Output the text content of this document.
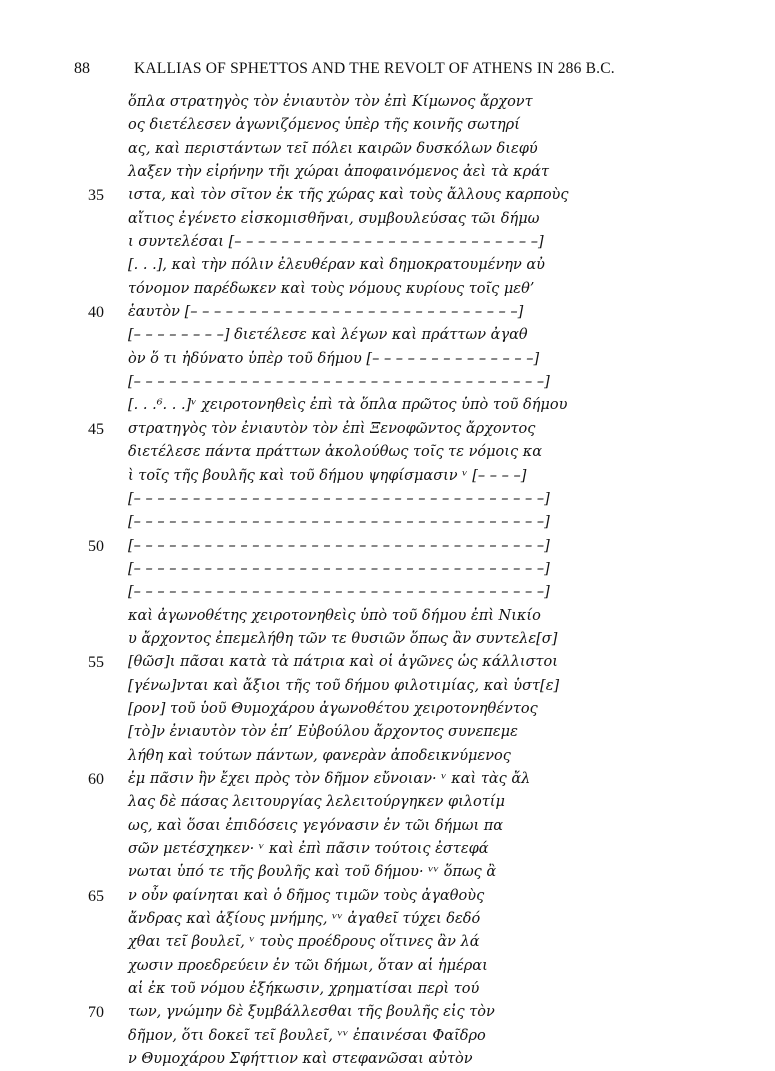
88	KALLIAS OF SPHETTOS AND THE REVOLT OF ATHENS IN 286 B.C.
ὅπλα στρατηγὸς τὸν ἐνιαυτὸν τὸν ἐπὶ Κίμωνος ἄρχοντ
ος διετέλεσεν ἀγωνιζόμενος ὑπὲρ τῆς κοινῆς σωτηρί
ας, καὶ περιστάντων τεῖ πόλει καιρῶν δυσκόλων διεφύ
λαξεν τὴν εἰρήνην τῆι χώραι ἀποφαινόμενος ἀεὶ τὰ κράτ
35 ιστα, καὶ τὸν σῖτον ἐκ τῆς χώρας καὶ τοὺς ἄλλους καρποὺς
αἴτιος ἐγένετο εἰσκομισθῆναι, συμβουλεύσας τῶι δήμω
ι συντελέσαι [– – – – – – – – – – – – – – – – – – – – – – – – – –]
[. . .], καὶ τὴν πόλιν ἐλευθέραν καὶ δημοκρατουμένην αὐ
τόνομον παρέδωκεν καὶ τοὺς νόμους κυρίους τοῖς μεθ’
40 ἑαυτὸν [– – – – – – – – – – – – – – – – – – – – – – – – – – – –]
[– – – – – – – –] διετέλεσε καὶ λέγων καὶ πράττων ἀγαθ
ὸν ὅ τι ἠδύνατο ὑπὲρ τοῦ δήμου [– – – – – – – – – – – – – –]
[– – – – – – – – – – – – – – – – – – – – – – – – – – – – – – – – – – –]
[. . .⁶. . .]ᵛ χειροτονηθεὶς ἐπὶ τὰ ὅπλα πρῶτος ὑπὸ τοῦ δήμου
45 στρατηγὸς τὸν ἐνιαυτὸν τὸν ἐπὶ Ξενοφῶντος ἄρχοντος
διετέλεσε πάντα πράττων ἀκολούθως τοῖς τε νόμοις κα
ὶ τοῖς τῆς βουλῆς καὶ τοῦ δήμου ψηφίσμασιν ᵛ [– – – –]
[– – – – – – – – – – – – – – – – – – – – – – – – – – – – – – – – – – –]
[– – – – – – – – – – – – – – – – – – – – – – – – – – – – – – – – – – –]
50 [– – – – – – – – – – – – – – – – – – – – – – – – – – – – – – – – – – –]
[– – – – – – – – – – – – – – – – – – – – – – – – – – – – – – – – – – –]
[– – – – – – – – – – – – – – – – – – – – – – – – – – – – – – – – – – –]
καὶ ἀγωνοθέτης χειροτονηθεὶς ὑπὸ τοῦ δήμου ἐπὶ Νικίο
υ ἄρχοντος ἐπεμελήθη τῶν τε θυσιῶν ὅπως ἂν συντελε[σ]
55 [θῶσ]ι πᾶσαι κατὰ τὰ πάτρια καὶ οἱ ἀγῶνες ὡς κάλλιστοι
[γένω]νται καὶ ἄξιοι τῆς τοῦ δήμου φιλοτιμίας, καὶ ὑστ[ε]
[ρον] τοῦ ὑοῦ Θυμοχάρου ἀγωνοθέτου χειροτονηθέντος
[τὸ]ν ἐνιαυτὸν τὸν ἐπ’ Εὐβούλου ἄρχοντος συνεπεμε
λήθη καὶ τούτων πάντων, φανερὰν ἀποδεικνύμενος
60 ἐμ πᾶσιν ἣν ἔχει πρὸς τὸν δῆμον εὔνοιαν· ᵛ καὶ τὰς ἄλ
λας δὲ πάσας λειτουργίας λελειτούργηκεν φιλοτίμ
ως, καὶ ὅσαι ἐπιδόσεις γεγόνασιν ἐν τῶι δήμωι πα
σῶν μετέσχηκεν· ᵛ καὶ ἐπὶ πᾶσιν τούτοις ἐστεφά
νωται ὑπό τε τῆς βουλῆς καὶ τοῦ δήμου· ᵛᵛ ὅπως ἂ
65 ν οὖν φαίνηται καὶ ὁ δῆμος τιμῶν τοὺς ἀγαθοὺς
ἄνδρας καὶ ἀξίους μνήμης, ᵛᵛ ἀγαθεῖ τύχει δεδό
χθαι τεῖ βουλεῖ, ᵛ τοὺς προέδρους οἵτινες ἂν λά
χωσιν προεδρεύειν ἐν τῶι δήμωι, ὅταν αἱ ἡμέραι
αἱ ἐκ τοῦ νόμου ἐξήκωσιν, χρηματίσαι περὶ τού
70 των, γνώμην δὲ ξυμβάλλεσθαι τῆς βουλῆς εἰς τὸν
δῆμον, ὅτι δοκεῖ τεῖ βουλεῖ, ᵛᵛ ἐπαινέσαι Φαῖδρο
ν Θυμοχάρου Σφήττιον καὶ στεφανῶσαι αὐτὸν
